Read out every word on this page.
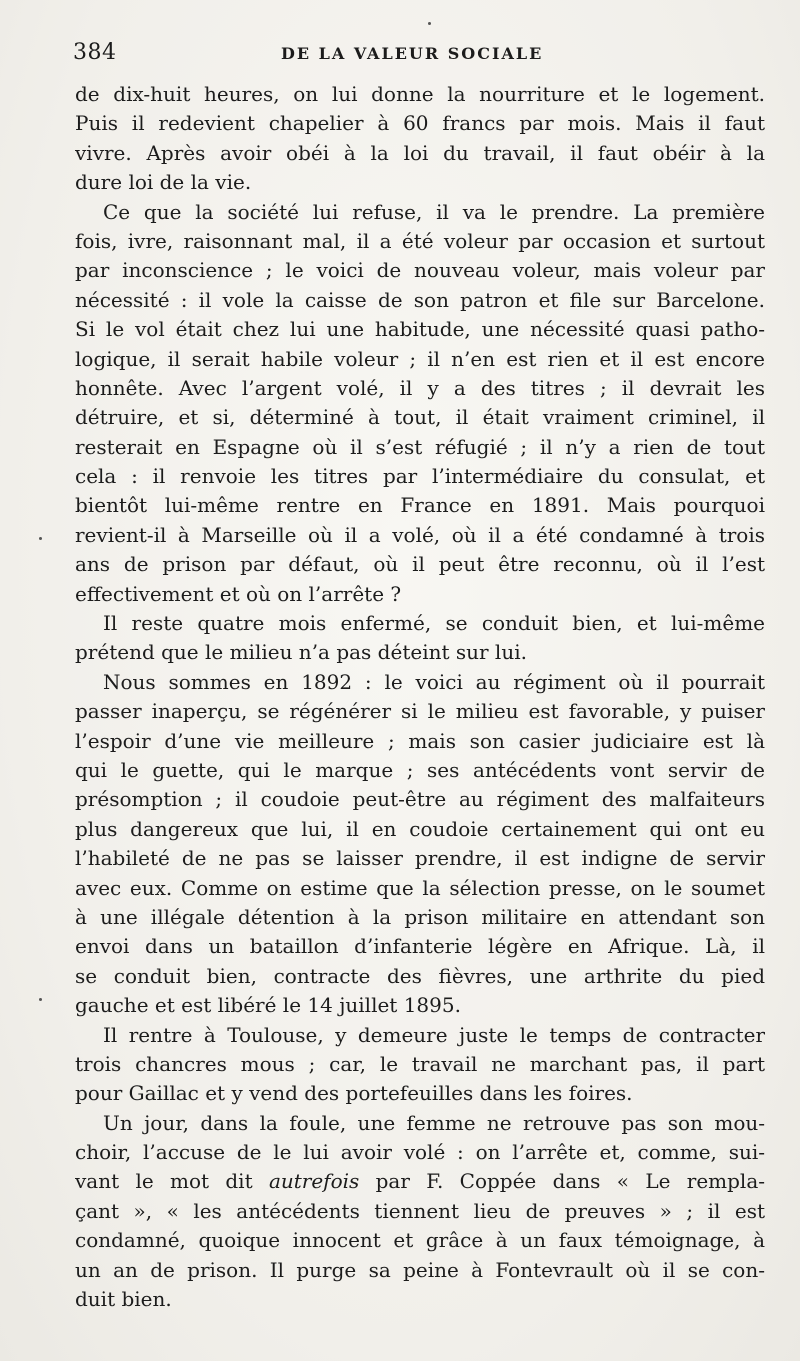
384	DE LA VALEUR SOCIALE
de dix-huit heures, on lui donne la nourriture et le logement.
Puis il redevient chapelier à 60 francs par mois. Mais il faut
vivre. Après avoir obéi à la loi du travail, il faut obéir à la
dure loi de la vie.
Ce que la société lui refuse, il va le prendre. La première
fois, ivre, raisonnant mal, il a été voleur par occasion et surtout
par inconscience ; le voici de nouveau voleur, mais voleur par
nécessité : il vole la caisse de son patron et file sur Barcelone.
Si le vol était chez lui une habitude, une nécessité quasi patho-
logique, il serait habile voleur ; il n’en est rien et il est encore
honnête. Avec l’argent volé, il y a des titres ; il devrait les
détruire, et si, déterminé à tout, il était vraiment criminel, il
resterait en Espagne où il s’est réfugié ; il n’y a rien de tout
cela : il renvoie les titres par l’intermédiaire du consulat, et
bientôt lui-même rentre en France en 1891. Mais pourquoi
revient-il à Marseille où il a volé, où il a été condamné à trois
ans de prison par défaut, où il peut être reconnu, où il l’est
effectivement et où on l’arrête ?
Il reste quatre mois enfermé, se conduit bien, et lui-même
prétend que le milieu n’a pas déteint sur lui.
Nous sommes en 1892 : le voici au régiment où il pourrait
passer inaperçu, se régénérer si le milieu est favorable, y puiser
l’espoir d’une vie meilleure ; mais son casier judiciaire est là
qui le guette, qui le marque ; ses antécédents vont servir de
présomption ; il coudoie peut-être au régiment des malfaiteurs
plus dangereux que lui, il en coudoie certainement qui ont eu
l’habileté de ne pas se laisser prendre, il est indigne de servir
avec eux. Comme on estime que la sélection presse, on le soumet
à une illégale détention à la prison militaire en attendant son
envoi dans un bataillon d’infanterie légère en Afrique. Là, il
se conduit bien, contracte des fièvres, une arthrite du pied
gauche et est libéré le 14 juillet 1895.
Il rentre à Toulouse, y demeure juste le temps de contracter
trois chancres mous ; car, le travail ne marchant pas, il part
pour Gaillac et y vend des portefeuilles dans les foires.
Un jour, dans la foule, une femme ne retrouve pas son mou-
choir, l’accuse de le lui avoir volé : on l’arrête et, comme, sui-
vant le mot dit autrefois par F. Coppée dans « Le rempla-
çant », « les antécédents tiennent lieu de preuves » ; il est
condamné, quoique innocent et grâce à un faux témoignage, à
un an de prison. Il purge sa peine à Fontevrault où il se con-
duit bien.
